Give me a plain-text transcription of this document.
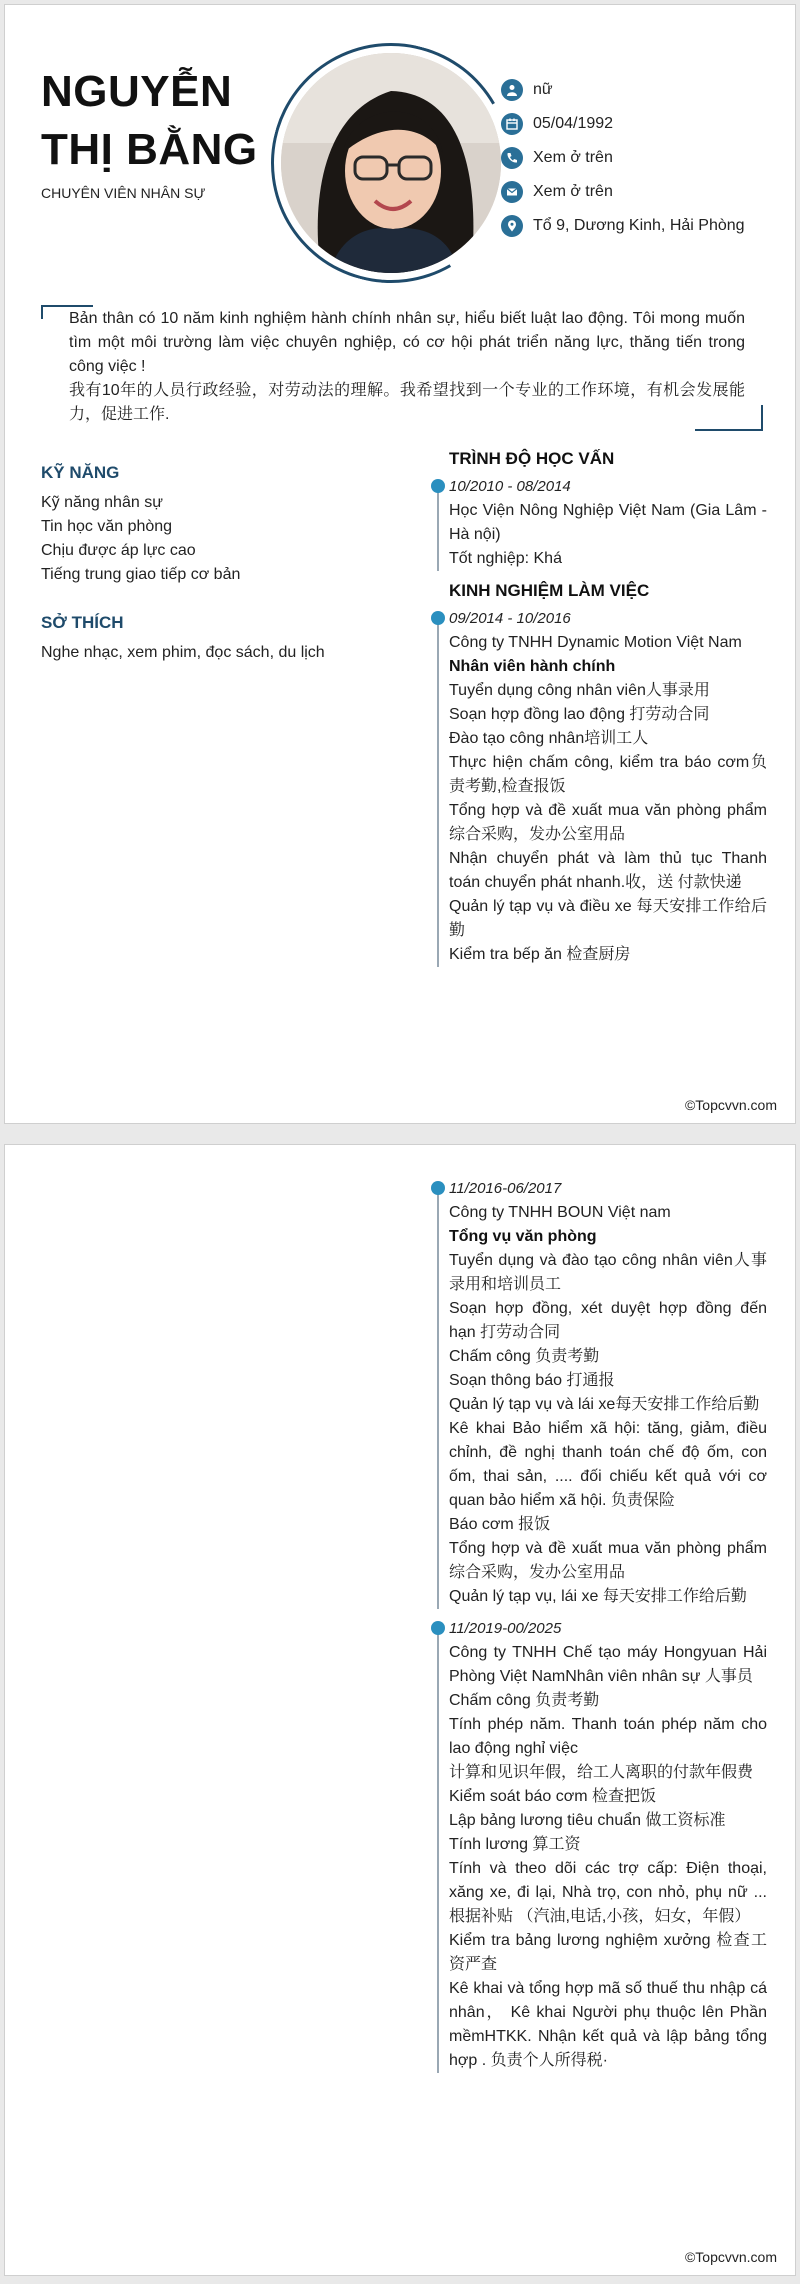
NGUYỄN
THỊ BẰNG
CHUYÊN VIÊN NHÂN SỰ
nữ
05/04/1992
Xem ở trên
Xem ở trên
Tổ 9, Dương Kinh, Hải Phòng
Bản thân có 10 năm kinh nghiệm hành chính nhân sự, hiểu biết luật lao động. Tôi mong muốn tìm một môi trường làm việc chuyên nghiệp, có cơ hội phát triển năng lực, thăng tiến trong công việc !
我有10年的人员行政经验，对劳动法的理解。我希望找到一个专业的工作环境，有机会发展能力，促进工作.
KỸ NĂNG
Kỹ năng nhân sự
Tin học văn phòng
Chịu được áp lực cao
Tiếng trung giao tiếp cơ bản
SỞ THÍCH
Nghe nhạc, xem phim, đọc sách, du lịch
TRÌNH ĐỘ HỌC VẤN
10/2010 - 08/2014
Học Viện Nông Nghiệp Việt Nam (Gia Lâm - Hà nội)
Tốt nghiệp: Khá
KINH NGHIỆM LÀM VIỆC
09/2014 - 10/2016
Công ty TNHH Dynamic Motion Việt Nam
Nhân viên hành chính
Tuyển dụng công nhân viên人事录用
Soạn hợp đồng lao động 打劳动合同
Đào tạo công nhân培训工人
Thực hiện chấm công, kiểm tra báo cơm负责考勤,检查报饭
Tổng hợp và đề xuất mua văn phòng phẩm 综合采购，发办公室用品
Nhận chuyển phát và làm thủ tục Thanh toán chuyển phát nhanh.收，送 付款快递
Quản lý tạp vụ và điều xe 每天安排工作给后勤
Kiểm tra bếp ăn 检查厨房
©Topcvvn.com
11/2016-06/2017
Công ty TNHH BOUN Việt nam
Tổng vụ văn phòng
Tuyển dụng và đào tạo công nhân viên人事录用和培训员工
Soạn hợp đồng, xét duyệt hợp đồng đến hạn 打劳动合同
Chấm công 负责考勤
Soạn thông báo 打通报
Quản lý tạp vụ và lái xe每天安排工作给后勤
Kê khai Bảo hiểm xã hội: tăng, giảm, điều chỉnh, đề nghị thanh toán chế độ ốm, con ốm, thai sản, .... đối chiếu kết quả với cơ quan bảo hiểm xã hội. 负责保险
Báo cơm 报饭
Tổng hợp và đề xuất mua văn phòng phẩm 综合采购，发办公室用品
Quản lý tạp vụ, lái xe 每天安排工作给后勤
11/2019-00/2025
Công ty TNHH Chế tạo máy Hongyuan Hải Phòng Việt NamNhân viên nhân sự 人事员
Chấm công 负责考勤
Tính phép năm. Thanh toán phép năm cho lao động nghỉ việc
计算和见识年假，给工人离职的付款年假费
Kiểm soát báo cơm 检查把饭
Lập bảng lương tiêu chuẩn 做工资标准
Tính lương 算工资
Tính và theo dõi các trợ cấp: Điện thoại, xăng xe, đi lại, Nhà trọ, con nhỏ, phụ nữ ... 根据补贴 （汽油,电话,小孩，妇女，年假）
Kiểm tra bảng lương nghiệm xưởng 检查工资严查
Kê khai và tổng hợp mã số thuế thu nhập cá nhân， Kê khai Người phụ thuộc lên Phần mềmHTKK. Nhận kết quả và lập bảng tổng hợp . 负责个人所得税·
©Topcvvn.com
